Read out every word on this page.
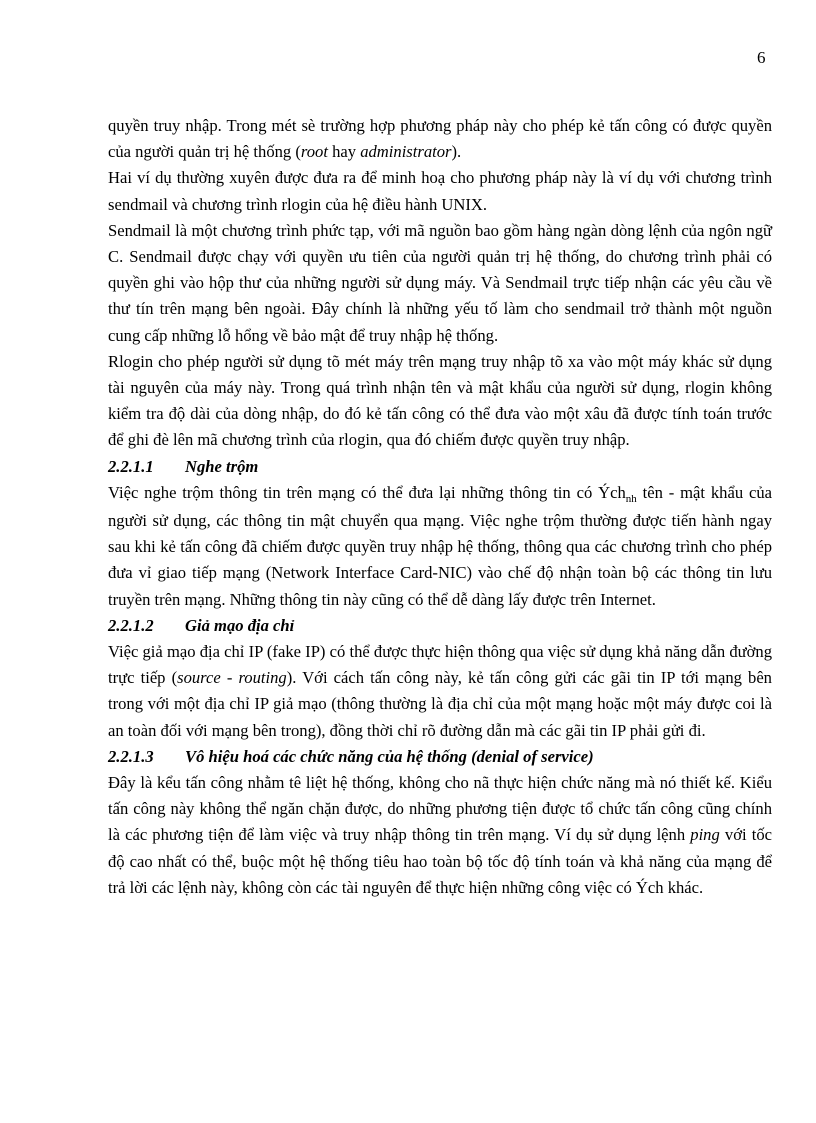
6

quyền truy nhập. Trong mét sè trường hợp phương pháp này cho phép kẻ tấn công có được quyền của người quản trị hệ thống (root hay administrator).

Hai ví dụ thường xuyên được đưa ra để minh hoạ cho phương pháp này là ví dụ với chương trình sendmail và chương trình rlogin của hệ điều hành UNIX.

Sendmail là một chương trình phức tạp, với mã nguồn bao gồm hàng ngàn dòng lệnh của ngôn ngữ C. Sendmail được chạy với quyền ưu tiên của người quản trị hệ thống, do chương trình phải có quyền ghi vào hộp thư của những người sử dụng máy. Và Sendmail trực tiếp nhận các yêu cầu về thư tín trên mạng bên ngoài. Đây chính là những yếu tố làm cho sendmail trở thành một nguồn cung cấp những lỗ hổng về bảo mật để truy nhập hệ thống.

Rlogin cho phép người sử dụng tõ mét máy trên mạng truy nhập tõ xa vào một máy khác sử dụng tài nguyên của máy này. Trong quá trình nhận tên và mật khẩu của người sử dụng, rlogin không kiểm tra độ dài của dòng nhập, do đó kẻ tấn công có thể đưa vào một xâu đã được tính toán trước để ghi đè lên mã chương trình của rlogin, qua đó chiếm được quyền truy nhập.

2.2.1.1	Nghe trộm

Việc nghe trộm thông tin trên mạng có thể đưa lại những thông tin có Ých$_{nh}$ tên - mật khẩu của người sử dụng, các thông tin mật chuyển qua mạng. Việc nghe trộm thường được tiến hành ngay sau khi kẻ tấn công đã chiếm được quyền truy nhập hệ thống, thông qua các chương trình cho phép đưa vỉ giao tiếp mạng (Network Interface Card-NIC) vào chế độ nhận toàn bộ các thông tin lưu truyền trên mạng. Những thông tin này cũng có thể dễ dàng lấy được trên Internet.

2.2.1.2	Giả mạo địa chỉ

Việc giả mạo địa chỉ IP (fake IP) có thể được thực hiện thông qua việc sử dụng khả năng dẫn đường trực tiếp (source - routing). Với cách tấn công này, kẻ tấn công gửi các gãi tin IP tới mạng bên trong với một địa chỉ IP giả mạo (thông thường là địa chỉ của một mạng hoặc một máy được coi là an toàn đối với mạng bên trong), đồng thời chỉ rõ đường dẫn mà các gãi tin IP phải gửi đi.

2.2.1.3	Vô hiệu hoá các chức năng của hệ thống (denial of service)

Đây là kểu tấn công nhằm tê liệt hệ thống, không cho nã thực hiện chức năng mà nó thiết kế. Kiểu tấn công này không thể ngăn chặn được, do những phương tiện được tổ chức tấn công cũng chính là các phương tiện để làm việc và truy nhập thông tin trên mạng. Ví dụ sử dụng lệnh ping với tốc độ cao nhất có thể, buộc một hệ thống tiêu hao toàn bộ tốc độ tính toán và khả năng của mạng để trả lời các lệnh này, không còn các tài nguyên để thực hiện những công việc có Ých khác.
